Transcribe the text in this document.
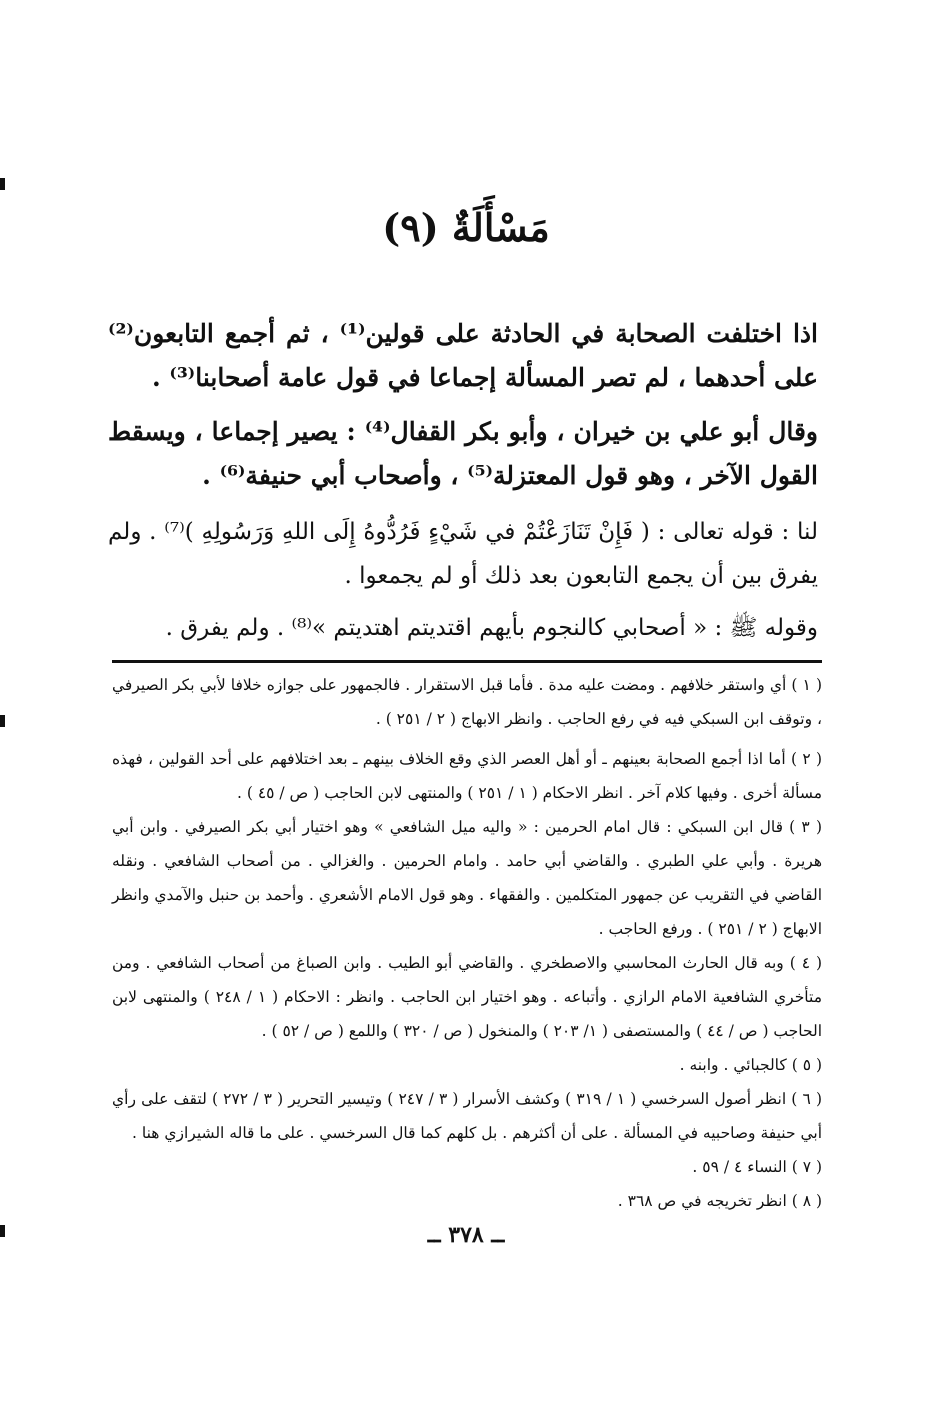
مَسْأَلَةٌ (٩)

اذا اختلفت الصحابة في الحادثة على قولين⁽¹⁾ ، ثم أجمع التابعون⁽²⁾ على أحدهما ، لم تصر المسألة إجماعا في قول عامة أصحابنا⁽³⁾ .

وقال أبو علي بن خيران ، وأبو بكر القفال⁽⁴⁾ : يصير إجماعا ، ويسقط القول الآخر ، وهو قول المعتزلة⁽⁵⁾ ، وأصحاب أبي حنيفة⁽⁶⁾ .

لنا : قوله تعالى : ( فَإِنْ تَنَازَعْتُمْ في شَيْءٍ فَرُدُّوهُ إِلَى اللهِ وَرَسُولِهِ )⁽⁷⁾ . ولم يفرق بين أن يجمع التابعون بعد ذلك أو لم يجمعوا .

وقوله ﷺ : « أصحابي كالنجوم بأيهم اقتديتم اهتديتم »⁽⁸⁾ . ولم يفرق .

( ١ ) أي واستقر خلافهم . ومضت عليه مدة . فأما قبل الاستقرار . فالجمهور على جوازه خلافا لأبي بكر الصيرفي ، وتوقف ابن السبكي فيه في رفع الحاجب . وانظر الابهاج ( ٢ / ٢٥١ ) .

( ٢ ) أما اذا أجمع الصحابة بعينهم ـ أو أهل العصر الذي وقع الخلاف بينهم ـ بعد اختلافهم على أحد القولين ، فهذه مسألة أخرى . وفيها كلام آخر . انظر الاحكام ( ١ / ٢٥١ ) والمنتهى لابن الحاجب ( ص / ٤٥ ) .

( ٣ ) قال ابن السبكي : قال امام الحرمين : « واليه ميل الشافعي » وهو اختيار أبي بكر الصيرفي . وابن أبي هريرة . وأبي علي الطبري . والقاضي أبي حامد . وامام الحرمين . والغزالي . من أصحاب الشافعي . ونقله القاضي في التقريب عن جمهور المتكلمين . والفقهاء . وهو قول الامام الأشعري . وأحمد بن حنبل والآمدي وانظر الابهاج ( ٢ / ٢٥١ ) . ورفع الحاجب .

( ٤ ) وبه قال الحارث المحاسبي والاصطخري . والقاضي أبو الطيب . وابن الصباغ من أصحاب الشافعي . ومن متأخري الشافعية الامام الرازي . وأتباعه . وهو اختيار ابن الحاجب . وانظر : الاحكام ( ١ / ٢٤٨ ) والمنتهى لابن الحاجب ( ص / ٤٤ ) والمستصفى ( ١/ ٢٠٣ ) والمنخول ( ص / ٣٢٠ ) واللمع ( ص / ٥٢ ) .

( ٥ ) كالجبائي . وابنه .

( ٦ ) انظر أصول السرخسي ( ١ / ٣١٩ ) وكشف الأسرار ( ٣ / ٢٤٧ ) وتيسير التحرير ( ٣ / ٢٧٢ ) لتقف على رأي أبي حنيفة وصاحبيه في المسألة . على أن أكثرهم . بل كلهم كما قال السرخسي . على ما قاله الشيرازي هنا .

( ٧ ) النساء ٤ / ٥٩ .

( ٨ ) انظر تخريجه في ص ٣٦٨ .

ــ ٣٧٨ ــ
